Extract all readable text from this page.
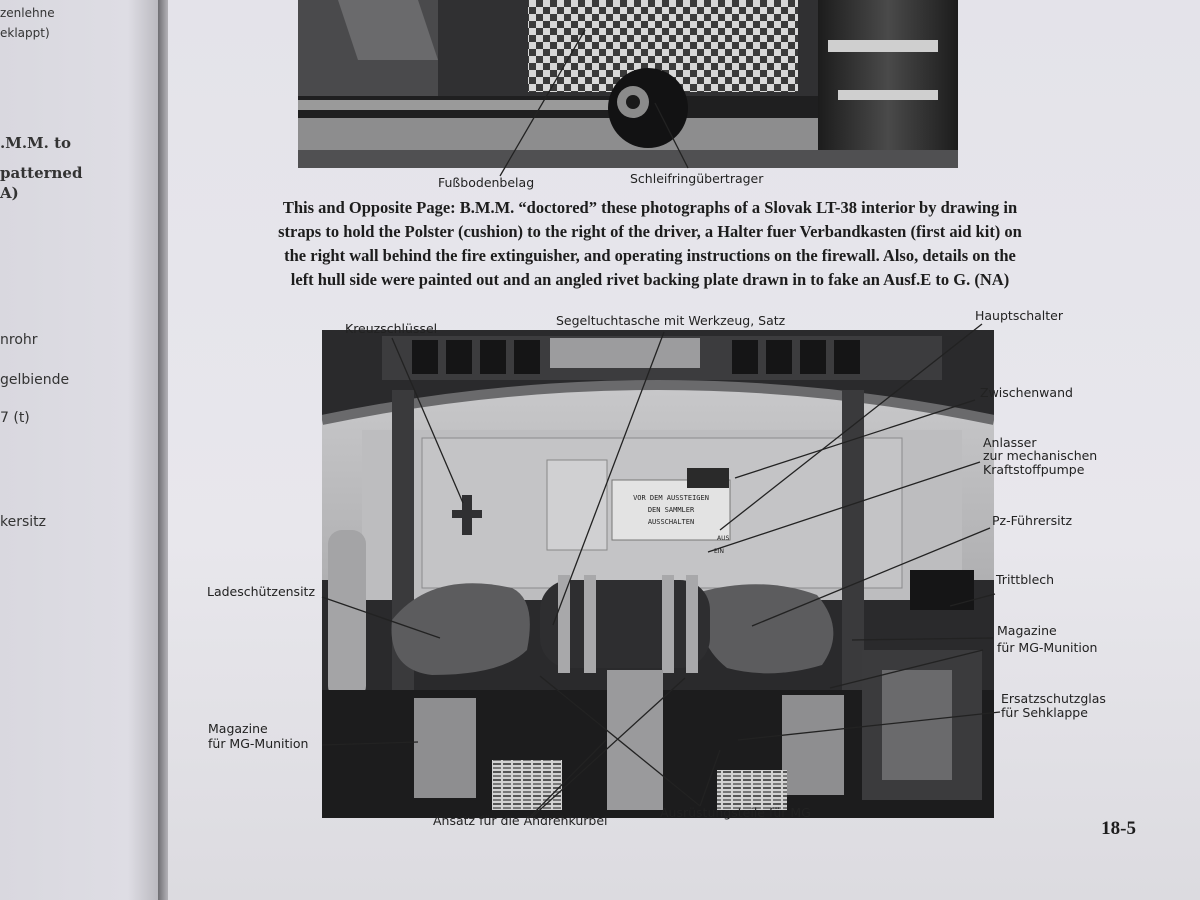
zenlehne
eklappt)
.M.M. to
patterned
A)
nrohr
gelbiende
7 (t)
kersitz
Fußbodenbelag	Schleifringübertrager
This and Opposite Page: B.M.M. “doctored” these photographs of a Slovak LT-38 interior by drawing in
straps to hold the Polster (cushion) to the right of the driver, a Halter fuer Verbandkasten (first aid kit) on
the right wall behind the fire extinguisher, and operating instructions on the firewall. Also, details on the
left hull side were painted out and an angled rivet backing plate drawn in to fake an Ausf.E to G. (NA)
VOR DEM AUSSTEIGEN
DEN SAMMLER
AUSSCHALTEN
AUS
EIN
Kreuzschlüssel
Segeltuchtasche mit Werkzeug, Satz	Hauptschalter
Zwischenwand
Anlasser
zur mechanischen
Kraftstoffpumpe
Pz-Führersitz
Trittblech
Magazine
für MG-Munition
Ersatzschutzglas
für Sehklappe
Ladeschützensitz
Magazine
für MG-Munition
Ansatz für die Andrehkurbel
Ausrüstungsteile für MG
18-5
